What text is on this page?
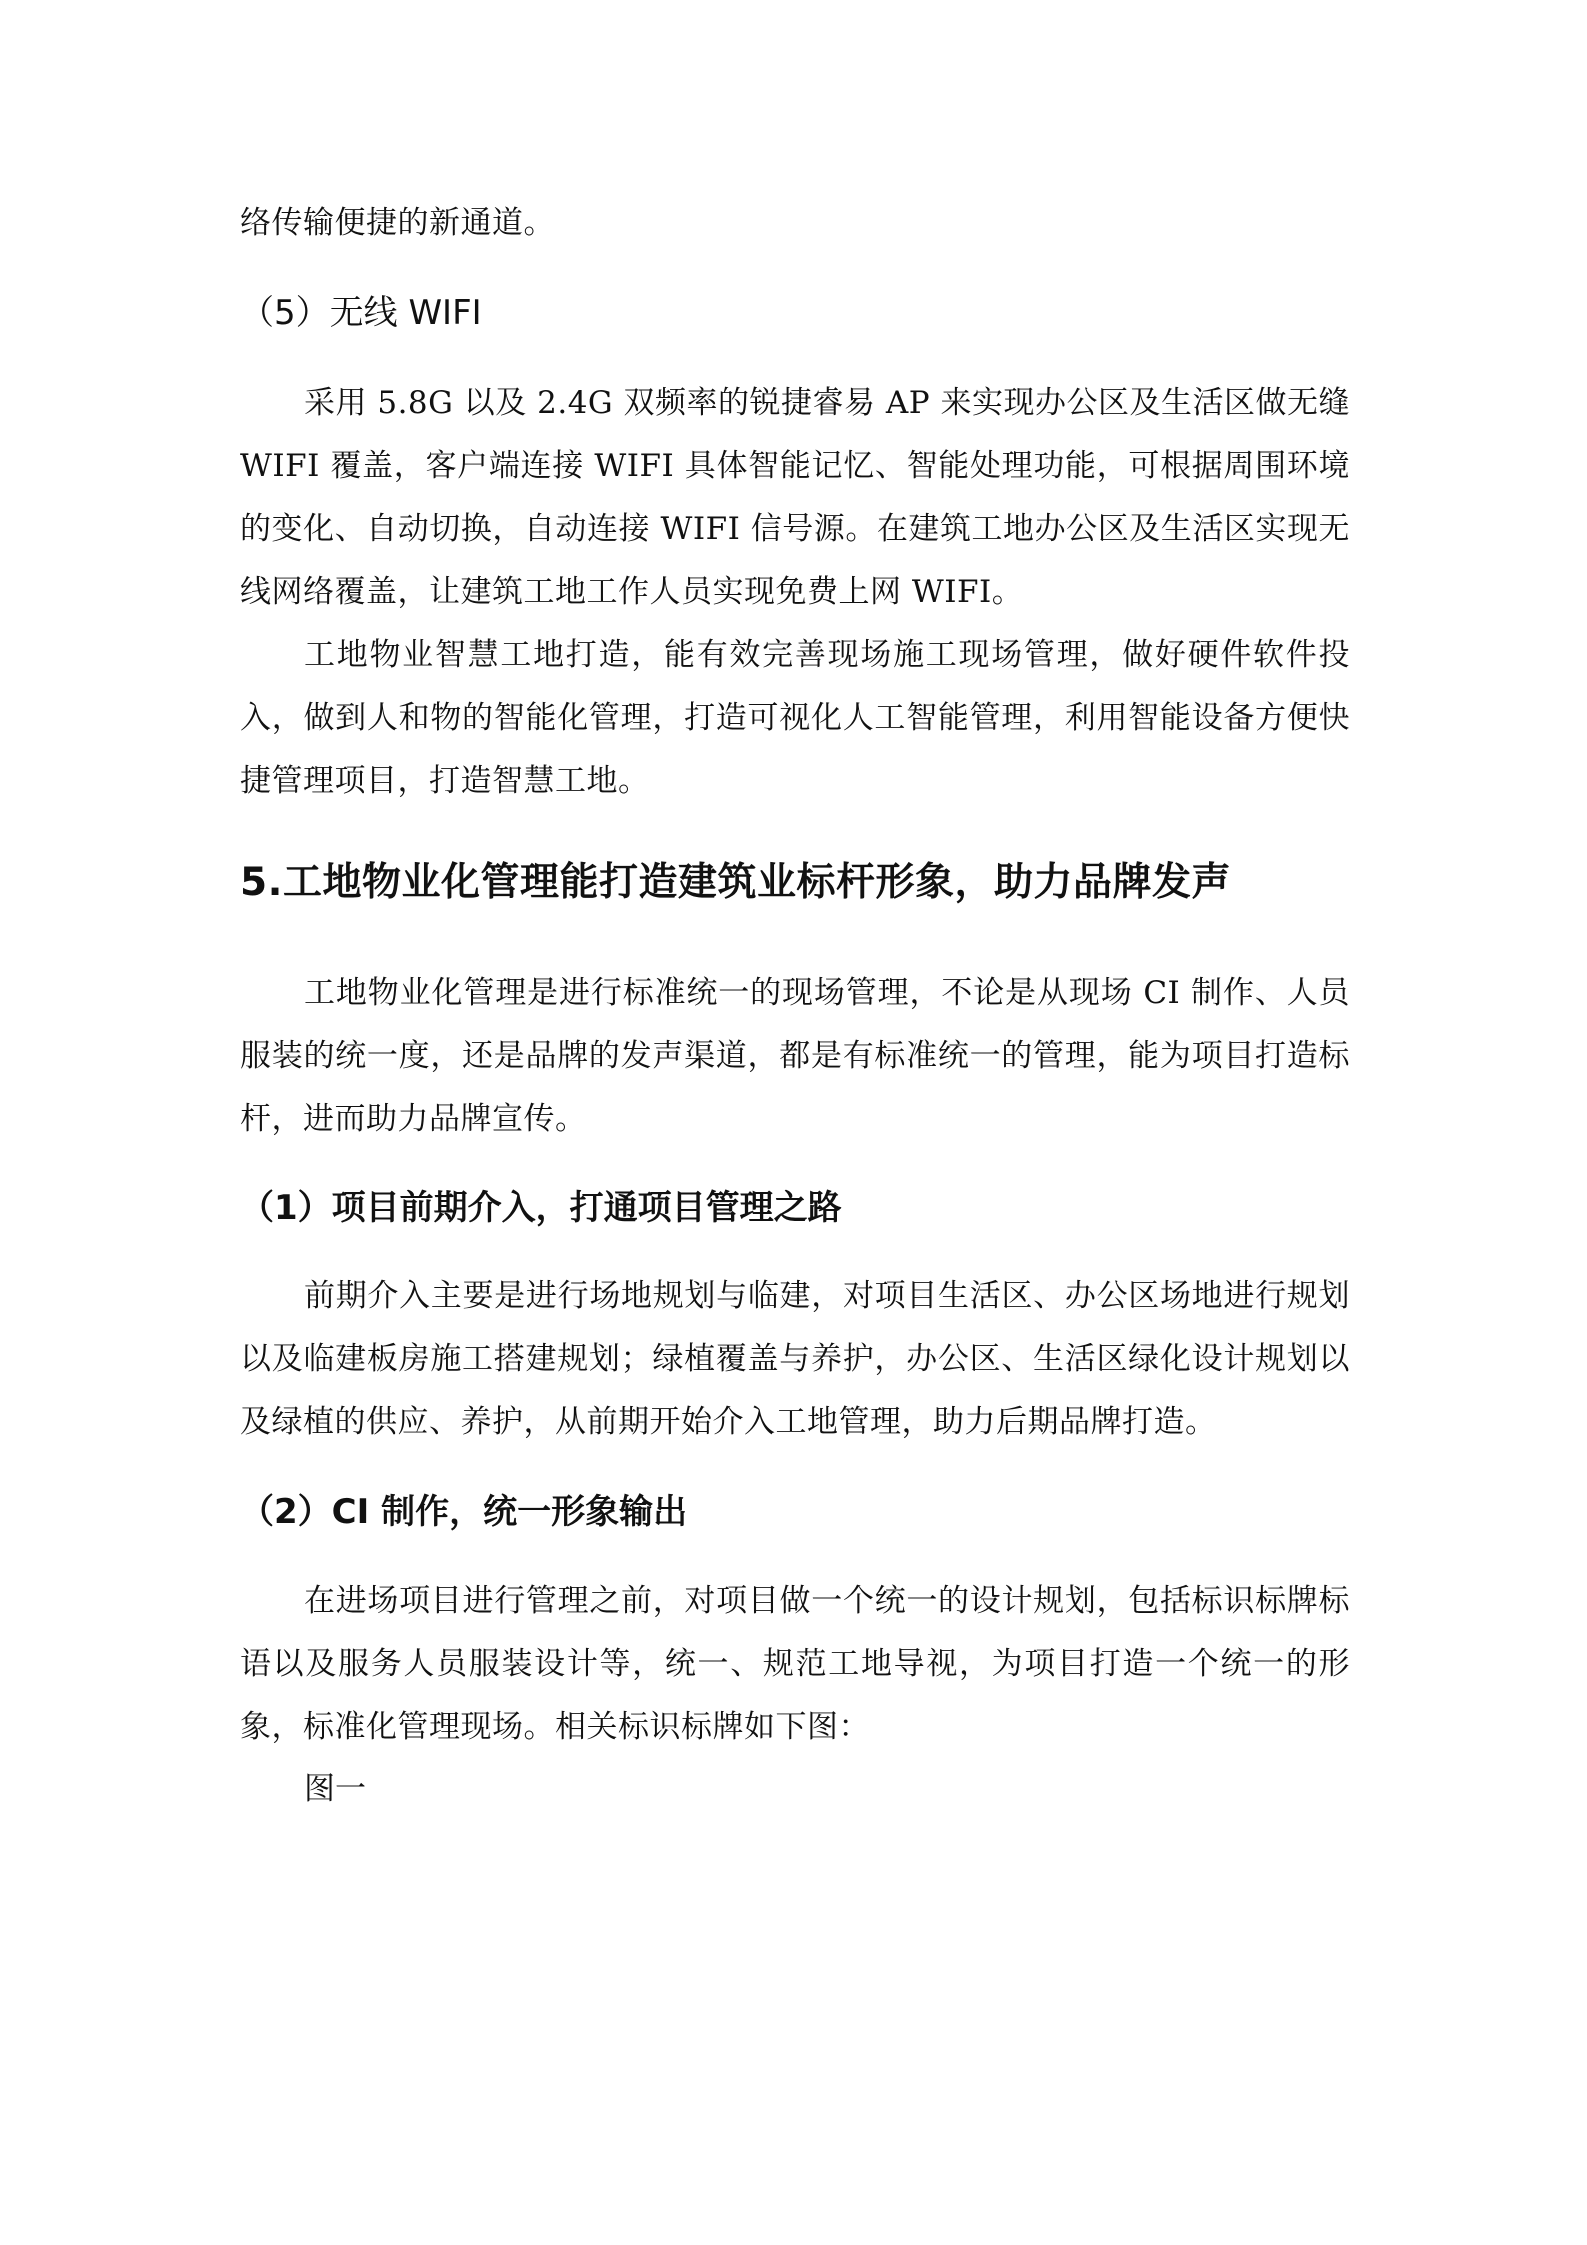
络传输便捷的新通道。

（5）无线 WIFI

采用 5.8G 以及 2.4G 双频率的锐捷睿易 AP 来实现办公区及生活区做无缝 WIFI 覆盖，客户端连接 WIFI 具体智能记忆、智能处理功能，可根据周围环境的变化、自动切换，自动连接 WIFI 信号源。在建筑工地办公区及生活区实现无线网络覆盖，让建筑工地工作人员实现免费上网 WIFI。

工地物业智慧工地打造，能有效完善现场施工现场管理，做好硬件软件投入，做到人和物的智能化管理，打造可视化人工智能管理，利用智能设备方便快捷管理项目，打造智慧工地。

5.工地物业化管理能打造建筑业标杆形象，助力品牌发声

工地物业化管理是进行标准统一的现场管理，不论是从现场 CI 制作、人员服装的统一度，还是品牌的发声渠道，都是有标准统一的管理，能为项目打造标杆，进而助力品牌宣传。

（1）项目前期介入，打通项目管理之路

前期介入主要是进行场地规划与临建，对项目生活区、办公区场地进行规划以及临建板房施工搭建规划；绿植覆盖与养护，办公区、生活区绿化设计规划以及绿植的供应、养护，从前期开始介入工地管理，助力后期品牌打造。

（2）CI 制作，统一形象输出

在进场项目进行管理之前，对项目做一个统一的设计规划，包括标识标牌标语以及服务人员服装设计等，统一、规范工地导视，为项目打造一个统一的形象，标准化管理现场。相关标识标牌如下图：

图一
